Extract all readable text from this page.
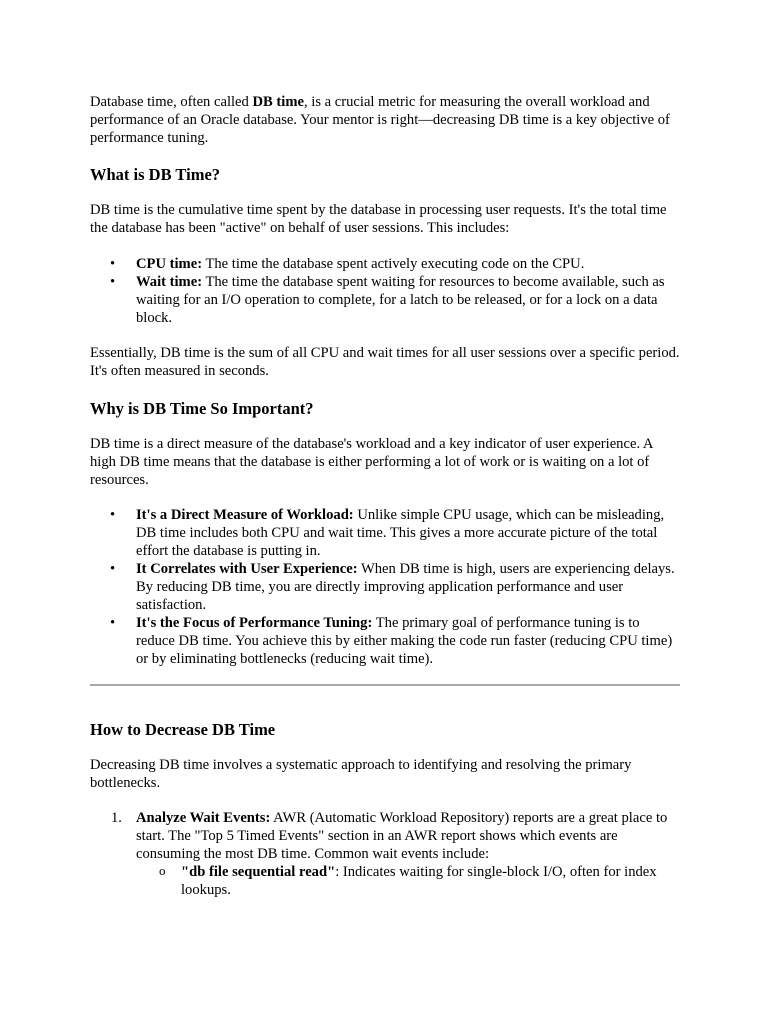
Database time, often called DB time, is a crucial metric for measuring the overall workload and performance of an Oracle database. Your mentor is right—decreasing DB time is a key objective of performance tuning.

What is DB Time?

DB time is the cumulative time spent by the database in processing user requests. It's the total time the database has been "active" on behalf of user sessions. This includes:

• CPU time: The time the database spent actively executing code on the CPU.
• Wait time: The time the database spent waiting for resources to become available, such as waiting for an I/O operation to complete, for a latch to be released, or for a lock on a data block.

Essentially, DB time is the sum of all CPU and wait times for all user sessions over a specific period. It's often measured in seconds.

Why is DB Time So Important?

DB time is a direct measure of the database's workload and a key indicator of user experience. A high DB time means that the database is either performing a lot of work or is waiting on a lot of resources.

• It's a Direct Measure of Workload: Unlike simple CPU usage, which can be misleading, DB time includes both CPU and wait time. This gives a more accurate picture of the total effort the database is putting in.
• It Correlates with User Experience: When DB time is high, users are experiencing delays. By reducing DB time, you are directly improving application performance and user satisfaction.
• It's the Focus of Performance Tuning: The primary goal of performance tuning is to reduce DB time. You achieve this by either making the code run faster (reducing CPU time) or by eliminating bottlenecks (reducing wait time).
How to Decrease DB Time

Decreasing DB time involves a systematic approach to identifying and resolving the primary bottlenecks.

1. Analyze Wait Events: AWR (Automatic Workload Repository) reports are a great place to start. The "Top 5 Timed Events" section in an AWR report shows which events are consuming the most DB time. Common wait events include:
o "db file sequential read": Indicates waiting for single-block I/O, often for index lookups.
